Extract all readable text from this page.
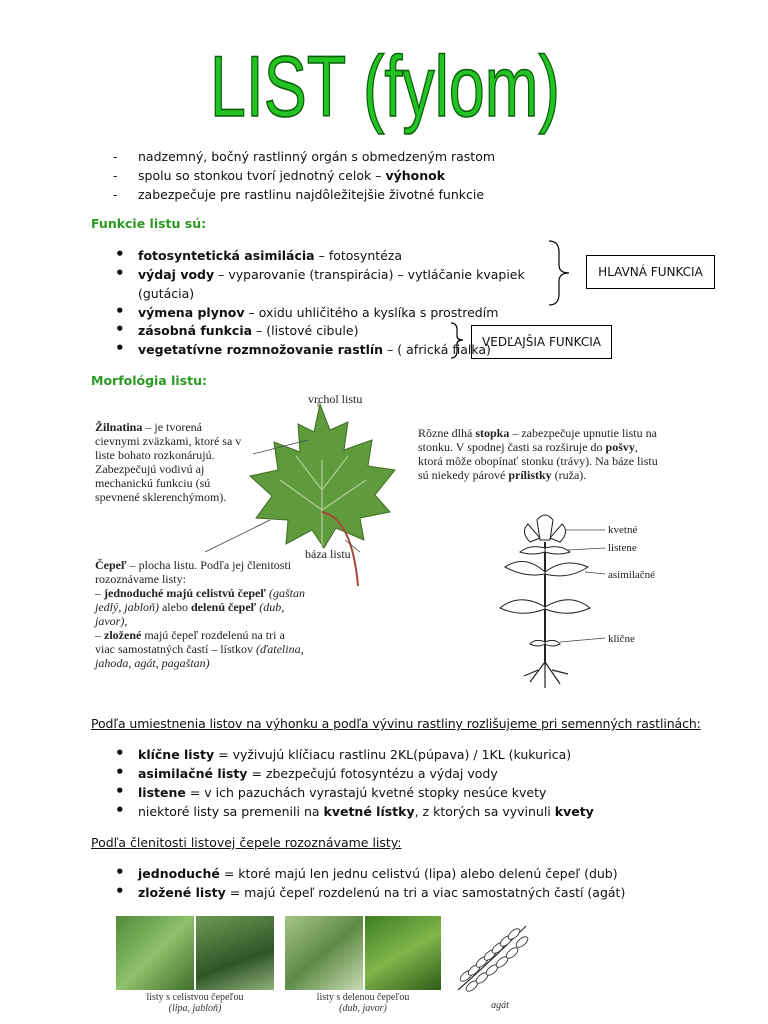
LIST (fylom)
- nadzemný, bočný rastlinný orgán s obmedzeným rastom
- spolu so stonkou tvorí jednotný celok – výhonok
- zabezpečuje pre rastlinu najdôležitejšie životné funkcie
Funkcie listu sú:
• fotosyntetická asimilácia – fotosyntéza
• výdaj vody – vyparovanie (transpirácia) – vytláčanie kvapiek (gutácia)
• výmena plynov – oxidu uhličitého a kyslíka s prostredím
HLAVNÁ FUNKCIA
• zásobná funkcia – (listové cibule)
• vegetatívne rozmnožovanie rastlín – ( africká fialka)
VEDĽAJŠIA FUNKCIA
Morfológia listu:
vrchol listu
Žilnatina – je tvorená cievnymi zväzkami, ktoré sa v liste bohato rozkonárujú. Zabezpečujú vodivú aj mechanickú funkciu (sú spevnené sklerenchýmom).
Rôzne dlhá stopka – zabezpečuje upnutie listu na stonku. V spodnej časti sa rozširuje do pošvy, ktorá môže obopínať stonku (trávy). Na báze listu sú niekedy párové prílistky (ruža).
báza listu
Čepeľ – plocha listu. Podľa jej členitosti rozoznávame listy:
– jednoduché majú celistvú čepeľ (gaštan jedlý, jabloň) alebo delenú čepeľ (dub, javor),
– zložené majú čepeľ rozdelenú na tri a viac samostatných častí – lístkov (ďatelina, jahoda, agát, pagaštan)
kvetné
listene
asimilačné
klíčne
Podľa umiestnenia listov na výhonku a podľa vývinu rastliny rozlišujeme pri semenných rastlinách:
• klíčne listy = vyživujú klíčiacu rastlinu 2KL(púpava) / 1KL (kukurica)
• asimilačné listy = zbezpečujú fotosyntézu a výdaj vody
• listene = v ich pazuchách vyrastajú kvetné stopky nesúce kvety
• niektoré listy sa premenili na kvetné lístky, z ktorých sa vyvinuli kvety
Podľa členitosti listovej čepele rozoznávame listy:
• jednoduché = ktoré majú len jednu celistvú (lipa) alebo delenú čepeľ (dub)
• zložené listy = majú čepeľ rozdelenú na tri a viac samostatných častí (agát)
listy s celistvou čepeľou
(lipa, jabloň)
listy s delenou čepeľou
(dub, javor)	agát
